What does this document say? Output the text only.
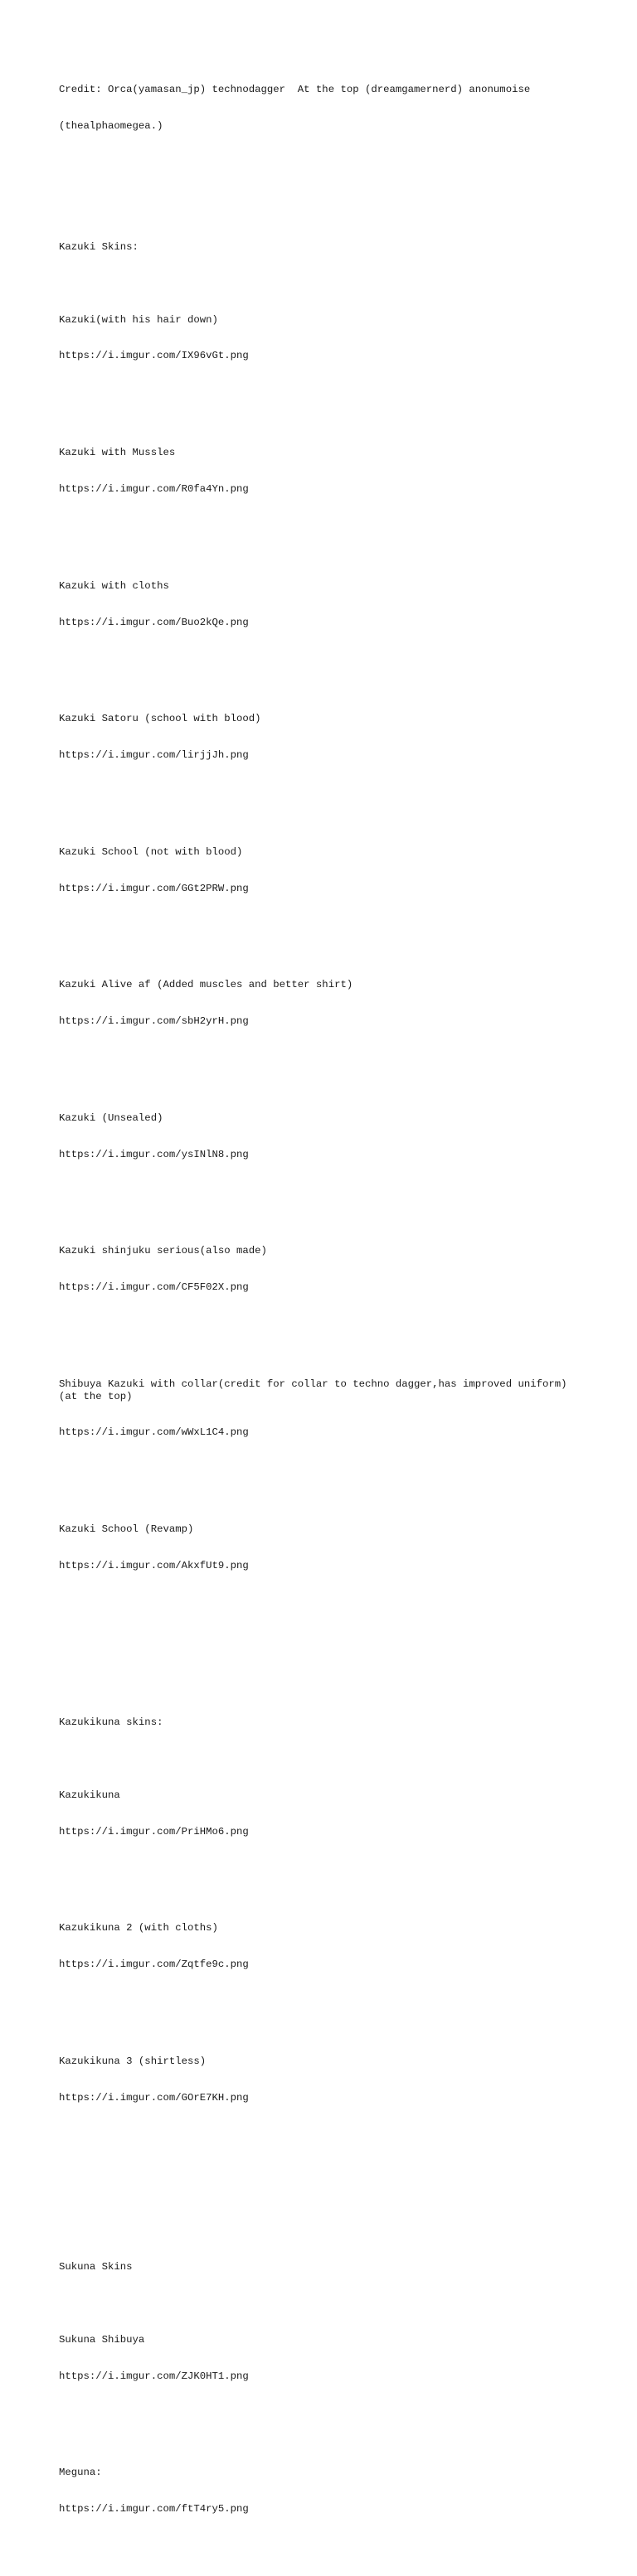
Credit: Orca(yamasan_jp) technodagger  At the top (dreamgamernerd) anonumoise

(thealphaomegea.)

Kazuki Skins:

Kazuki(with his hair down)

https://i.imgur.com/IX96vGt.png

Kazuki with Mussles

https://i.imgur.com/R0fa4Yn.png

Kazuki with cloths

https://i.imgur.com/Buo2kQe.png

Kazuki Satoru (school with blood)

https://i.imgur.com/lirjjJh.png

Kazuki School (not with blood)

https://i.imgur.com/GGt2PRW.png

Kazuki Alive af (Added muscles and better shirt)

https://i.imgur.com/sbH2yrH.png

Kazuki (Unsealed)

https://i.imgur.com/ysINlN8.png

Kazuki shinjuku serious(also made)

https://i.imgur.com/CF5F02X.png

Shibuya Kazuki with collar(credit for collar to techno dagger,has improved uniform)
(at the top)

https://i.imgur.com/wWxL1C4.png

Kazuki School (Revamp)

https://i.imgur.com/AkxfUt9.png

Kazukikuna skins:

Kazukikuna

https://i.imgur.com/PriHMo6.png

Kazukikuna 2 (with cloths)

https://i.imgur.com/Zqtfe9c.png

Kazukikuna 3 (shirtless)

https://i.imgur.com/GOrE7KH.png

Sukuna Skins

Sukuna Shibuya

https://i.imgur.com/ZJK0HT1.png

Meguna:

https://i.imgur.com/ftT4ry5.png
